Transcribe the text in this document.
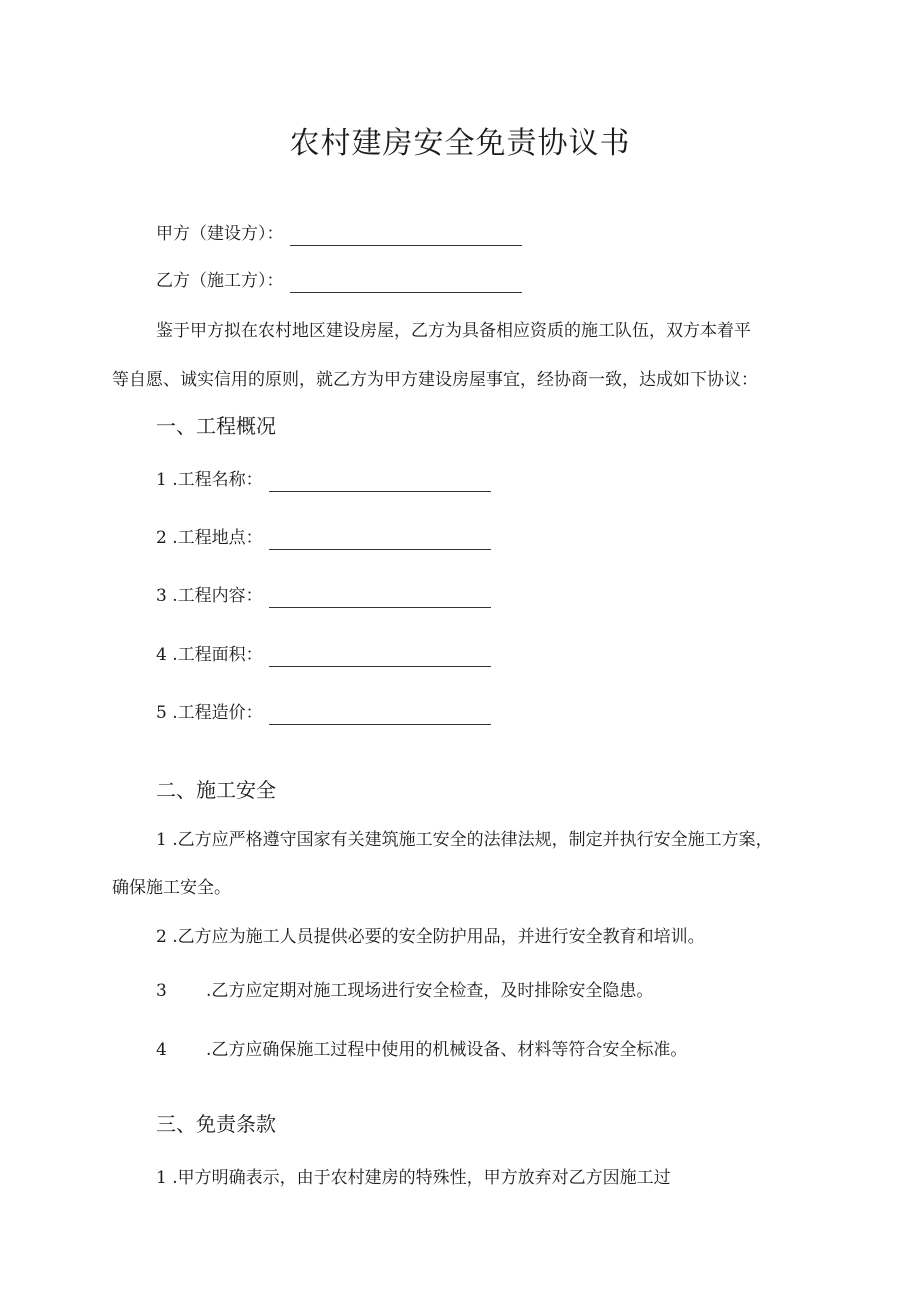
农村建房安全免责协议书
甲方（建设方）：
乙方（施工方）：
鉴于甲方拟在农村地区建设房屋，乙方为具备相应资质的施工队伍，双方本着平
等自愿、诚实信用的原则，就乙方为甲方建设房屋事宜，经协商一致，达成如下协议：
一、工程概况
1 .工程名称：
2 .工程地点：
3 .工程内容：
4 .工程面积：
5 .工程造价：
二、施工安全
1 .乙方应严格遵守国家有关建筑施工安全的法律法规，制定并执行安全施工方案，
确保施工安全。
2 .乙方应为施工人员提供必要的安全防护用品，并进行安全教育和培训。
3 .乙方应定期对施工现场进行安全检查，及时排除安全隐患。
4 .乙方应确保施工过程中使用的机械设备、材料等符合安全标准。
三、免责条款
1 .甲方明确表示，由于农村建房的特殊性，甲方放弃对乙方因施工过
